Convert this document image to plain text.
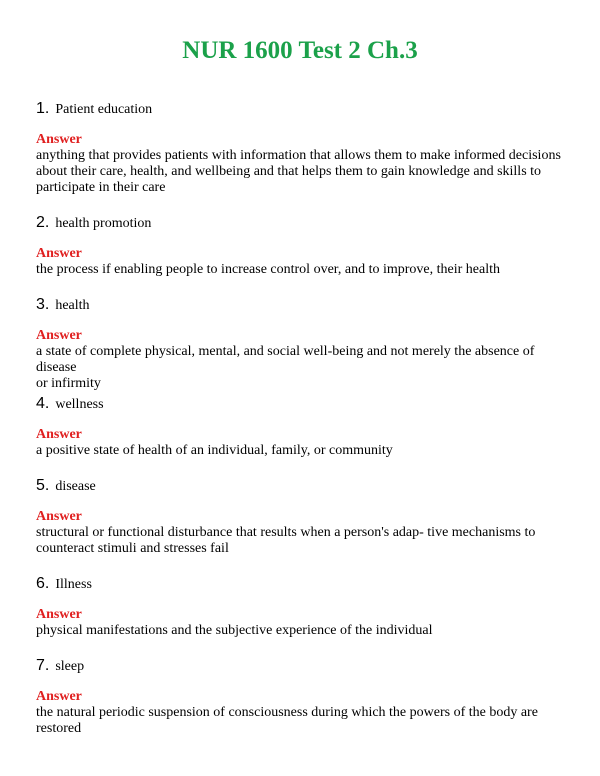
NUR 1600 Test 2 Ch.3
1. Patient education
Answer
anything that provides patients with information that allows them to make informed decisions
about their care, health, and wellbeing and that helps them to gain knowledge and skills to
participate in their care
2. health promotion
Answer
the process if enabling people to increase control over, and to improve, their health
3. health
Answer
a state of complete physical, mental, and social well-being and not merely the absence of disease
or infirmity
4. wellness
Answer
a positive state of health of an individual, family, or community
5. disease
Answer
structural or functional disturbance that results when a person's adap- tive mechanisms to
counteract stimuli and stresses fail
6. Illness
Answer
physical manifestations and the subjective experience of the individual
7. sleep
Answer
the natural periodic suspension of consciousness during which the powers of the body are
restored
